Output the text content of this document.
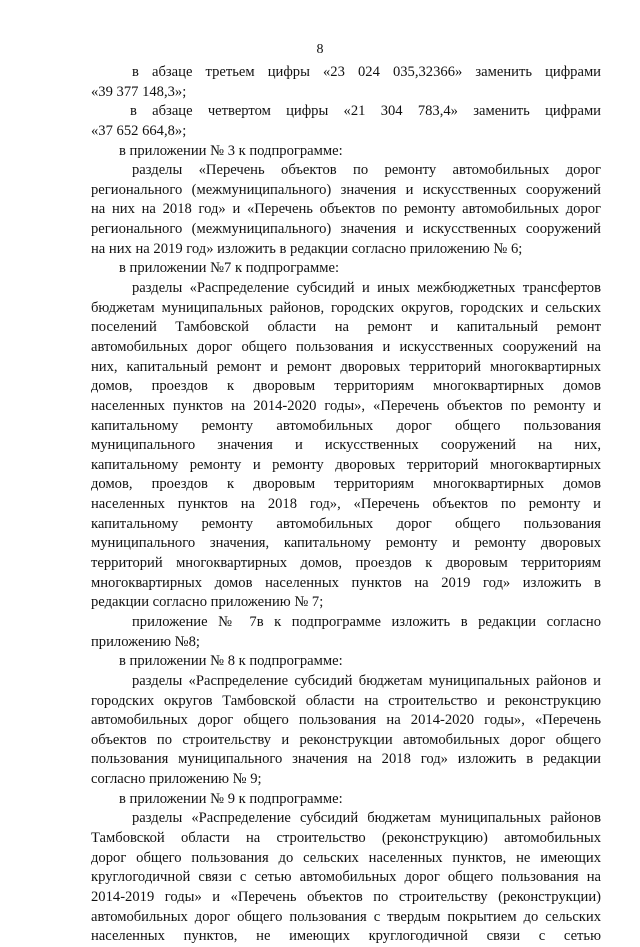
8
в абзаце третьем цифры «23 024 035,32366» заменить цифрами
«39 377 148,3»;
в абзаце четвертом цифры «21 304 783,4» заменить цифрами
«37 652 664,8»;
в приложении № 3 к подпрограмме:
разделы «Перечень объектов по ремонту автомобильных дорог
регионального (межмуниципального) значения и искусственных сооружений
на них на 2018 год» и «Перечень объектов по ремонту автомобильных дорог
регионального (межмуниципального) значения и искусственных сооружений
на них на 2019 год» изложить в редакции согласно приложению № 6;
в приложении №7 к подпрограмме:
разделы «Распределение субсидий и иных межбюджетных трансфертов
бюджетам муниципальных районов, городских округов, городских и сельских
поселений Тамбовской области на ремонт и капитальный ремонт
автомобильных дорог общего пользования и искусственных сооружений на
них, капитальный ремонт и ремонт дворовых территорий многоквартирных
домов, проездов к дворовым территориям многоквартирных домов
населенных пунктов на 2014-2020 годы», «Перечень объектов по ремонту и
капитальному ремонту автомобильных дорог общего пользования
муниципального значения и искусственных сооружений на них,
капитальному ремонту и ремонту дворовых территорий многоквартирных
домов, проездов к дворовым территориям многоквартирных домов
населенных пунктов на 2018 год», «Перечень объектов по ремонту и
капитальному ремонту автомобильных дорог общего пользования
муниципального значения, капитальному ремонту и ремонту дворовых
территорий многоквартирных домов, проездов к дворовым территориям
многоквартирных домов населенных пунктов на 2019 год» изложить в
редакции согласно приложению № 7;
приложение № 7в к подпрограмме изложить в редакции согласно
приложению №8;
в приложении № 8 к подпрограмме:
разделы «Распределение субсидий бюджетам муниципальных районов и
городских округов Тамбовской области на строительство и реконструкцию
автомобильных дорог общего пользования на 2014-2020 годы», «Перечень
объектов по строительству и реконструкции автомобильных дорог общего
пользования муниципального значения на 2018 год» изложить в редакции
согласно приложению № 9;
в приложении № 9 к подпрограмме:
разделы «Распределение субсидий бюджетам муниципальных районов
Тамбовской области на строительство (реконструкцию) автомобильных
дорог общего пользования до сельских населенных пунктов, не имеющих
круглогодичной связи с сетью автомобильных дорог общего пользования на
2014-2019 годы» и «Перечень объектов по строительству (реконструкции)
автомобильных дорог общего пользования с твердым покрытием до сельских
населенных пунктов, не имеющих круглогодичной связи с сетью
